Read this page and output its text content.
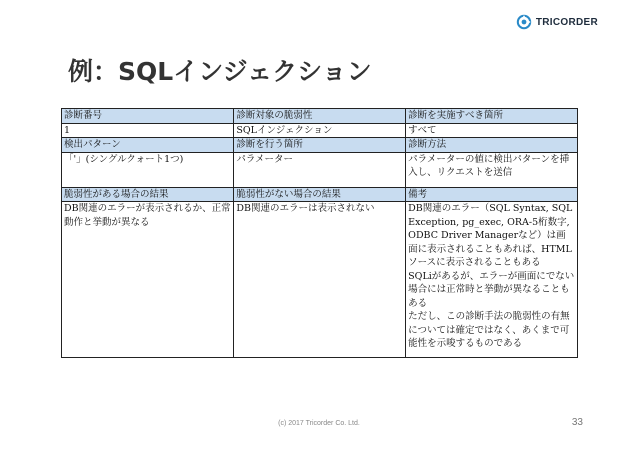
TRICORDER
例：SQLインジェクション
診断番号	診断対象の脆弱性	診断を実施すべき箇所
1	SQLインジェクション	すべて
検出パターン	診断を行う箇所	診断方法
「'」(シングルクォート1つ)	パラメーター	パラメーターの値に検出パターンを挿入し、リクエストを送信
脆弱性がある場合の結果	脆弱性がない場合の結果	備考
DB関連のエラーが表示されるか、正常動作と挙動が異なる	DB関連のエラーは表示されない	DB関連のエラー（SQL Syntax, SQLException, pg_exec, ORA-5桁数字, ODBC Driver Managerなど）は画面に表示されることもあれば、HTMLソースに表示されることもある
SQLiがあるが、エラーが画面にでない場合には正常時と挙動が異なることもある
ただし、この診断手法の脆弱性の有無については確定ではなく、あくまで可能性を示唆するものである
(c) 2017 Tricorder Co. Ltd.	33
